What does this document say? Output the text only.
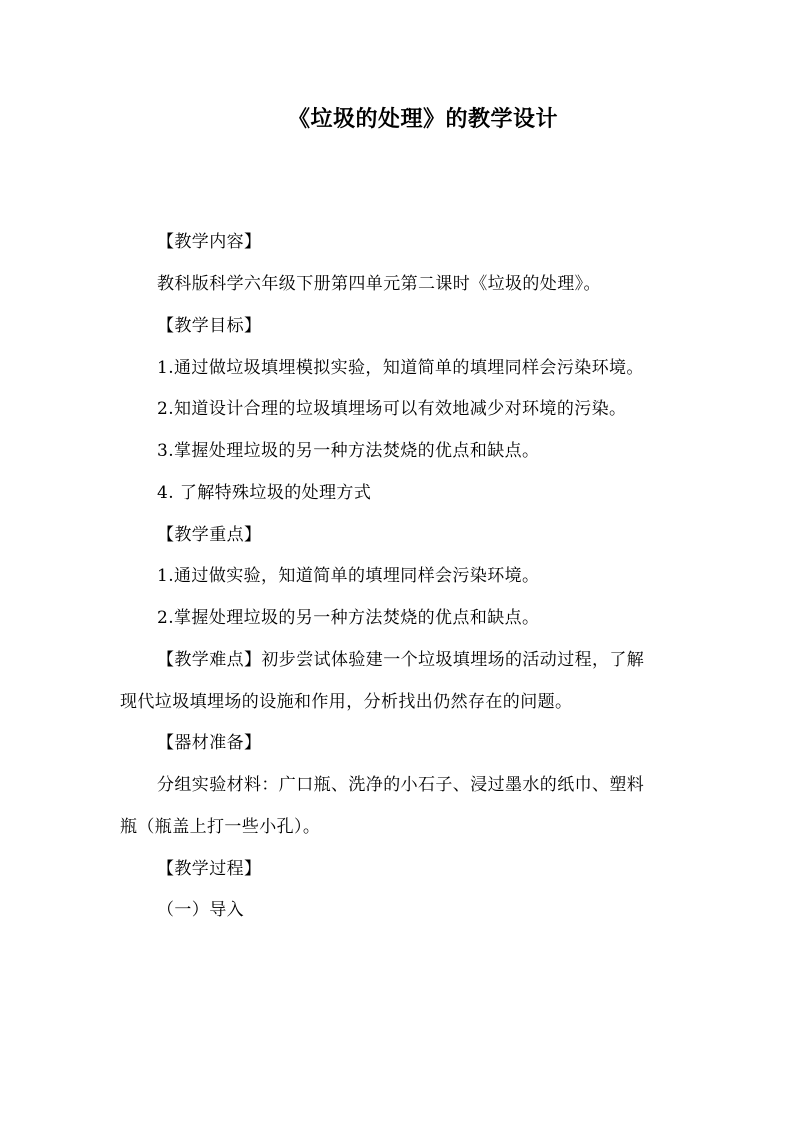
《垃圾的处理》的教学设计
【教学内容】
教科版科学六年级下册第四单元第二课时《垃圾的处理》。
【教学目标】
1.通过做垃圾填埋模拟实验，知道简单的填埋同样会污染环境。
2.知道设计合理的垃圾填埋场可以有效地减少对环境的污染。
3.掌握处理垃圾的另一种方法焚烧的优点和缺点。
4. 了解特殊垃圾的处理方式
【教学重点】
1.通过做实验，知道简单的填埋同样会污染环境。
2.掌握处理垃圾的另一种方法焚烧的优点和缺点。
【教学难点】初步尝试体验建一个垃圾填埋场的活动过程，了解
现代垃圾填埋场的设施和作用，分析找出仍然存在的问题。
【器材准备】
分组实验材料：广口瓶、洗净的小石子、浸过墨水的纸巾、塑料
瓶（瓶盖上打一些小孔）。
【教学过程】
（一）导入
